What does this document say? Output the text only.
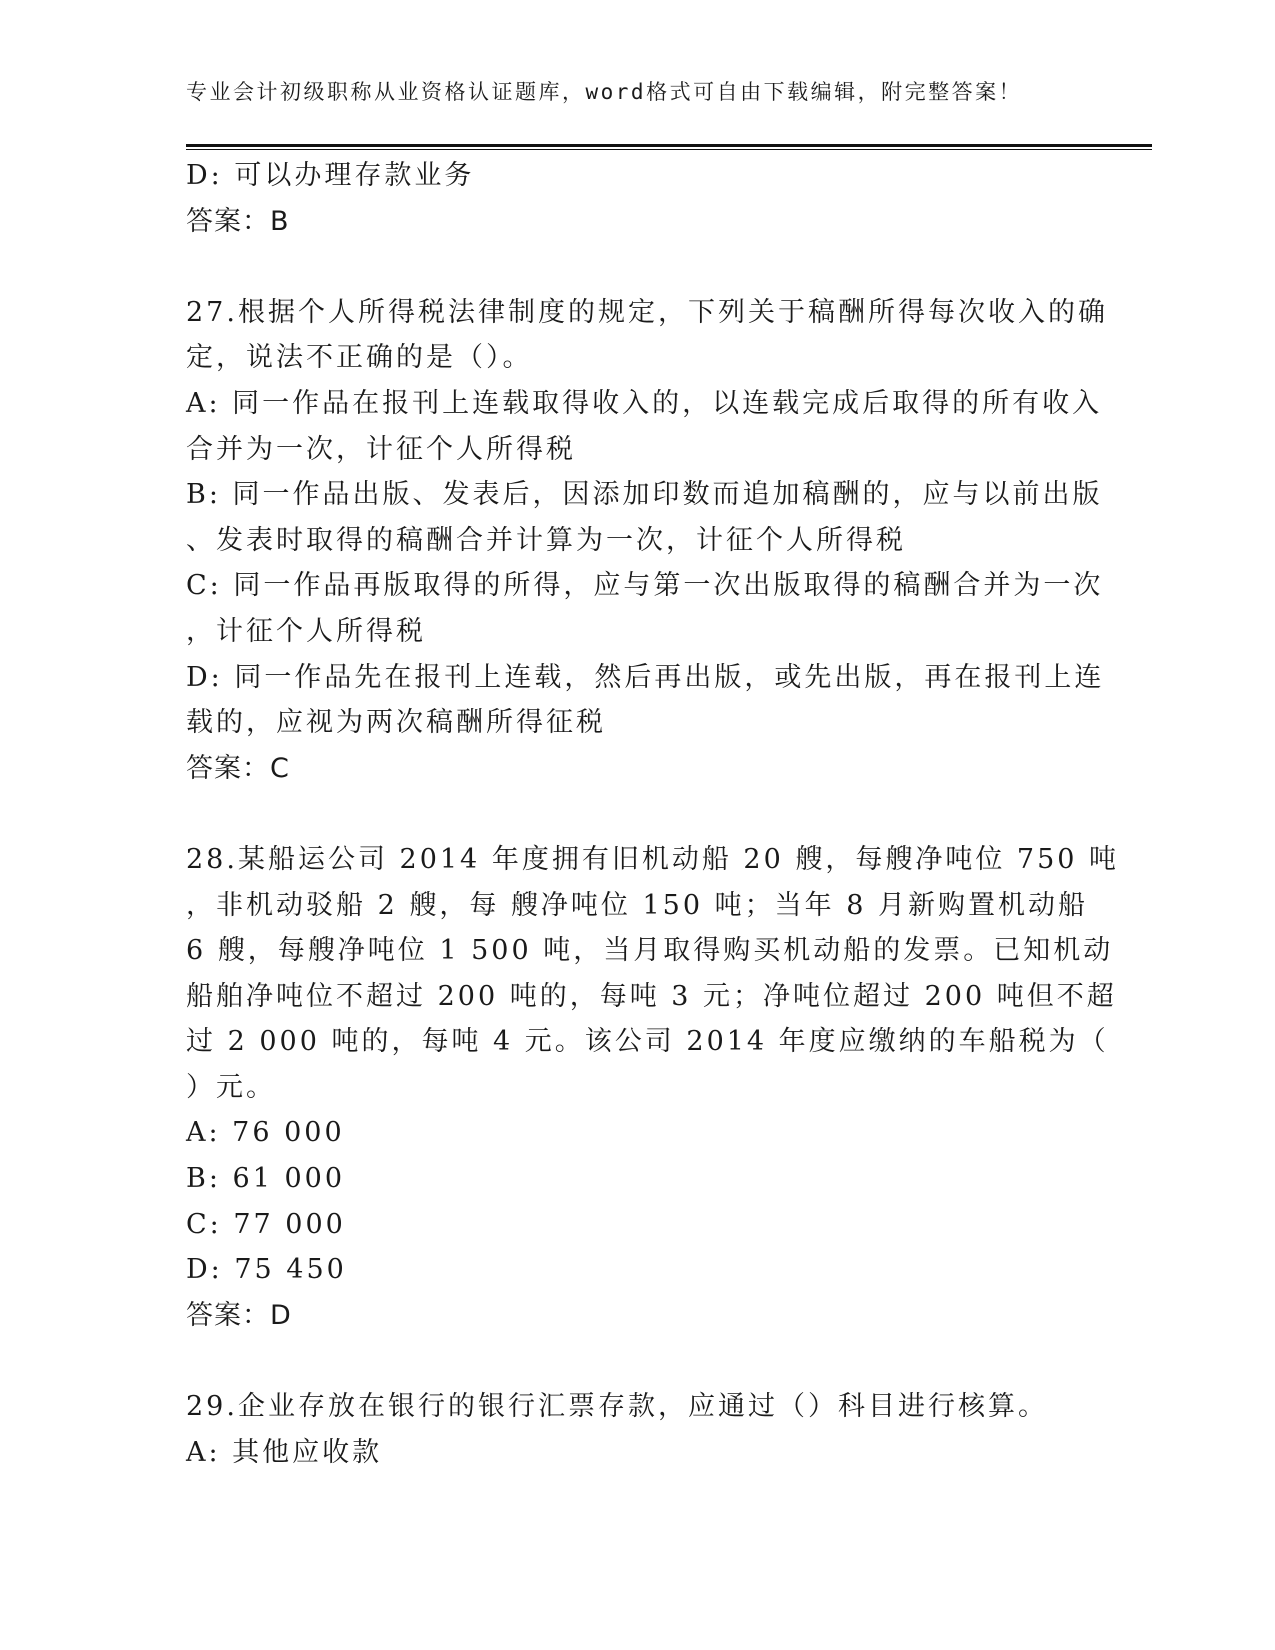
专业会计初级职称从业资格认证题库，word格式可自由下载编辑，附完整答案！
D: 可以办理存款业务
答案：B
27.根据个人所得税法律制度的规定，下列关于稿酬所得每次收入的确
定，说法不正确的是（）。
A: 同一作品在报刊上连载取得收入的，以连载完成后取得的所有收入
合并为一次，计征个人所得税
B: 同一作品出版、发表后，因添加印数而追加稿酬的，应与以前出版
、发表时取得的稿酬合并计算为一次，计征个人所得税
C: 同一作品再版取得的所得，应与第一次出版取得的稿酬合并为一次
，计征个人所得税
D: 同一作品先在报刊上连载，然后再出版，或先出版，再在报刊上连
载的，应视为两次稿酬所得征税
答案：C
28.某船运公司 2014 年度拥有旧机动船 20 艘，每艘净吨位 750 吨
，非机动驳船 2 艘，每 艘净吨位 150 吨；当年 8 月新购置机动船
6 艘，每艘净吨位 1 500 吨，当月取得购买机动船的发票。已知机动
船舶净吨位不超过 200 吨的，每吨 3 元；净吨位超过 200 吨但不超
过 2 000 吨的，每吨 4 元。该公司 2014 年度应缴纳的车船税为（
）元。
A: 76 000
B: 61 000
C: 77 000
D: 75 450
答案：D
29.企业存放在银行的银行汇票存款，应通过（）科目进行核算。
A: 其他应收款
